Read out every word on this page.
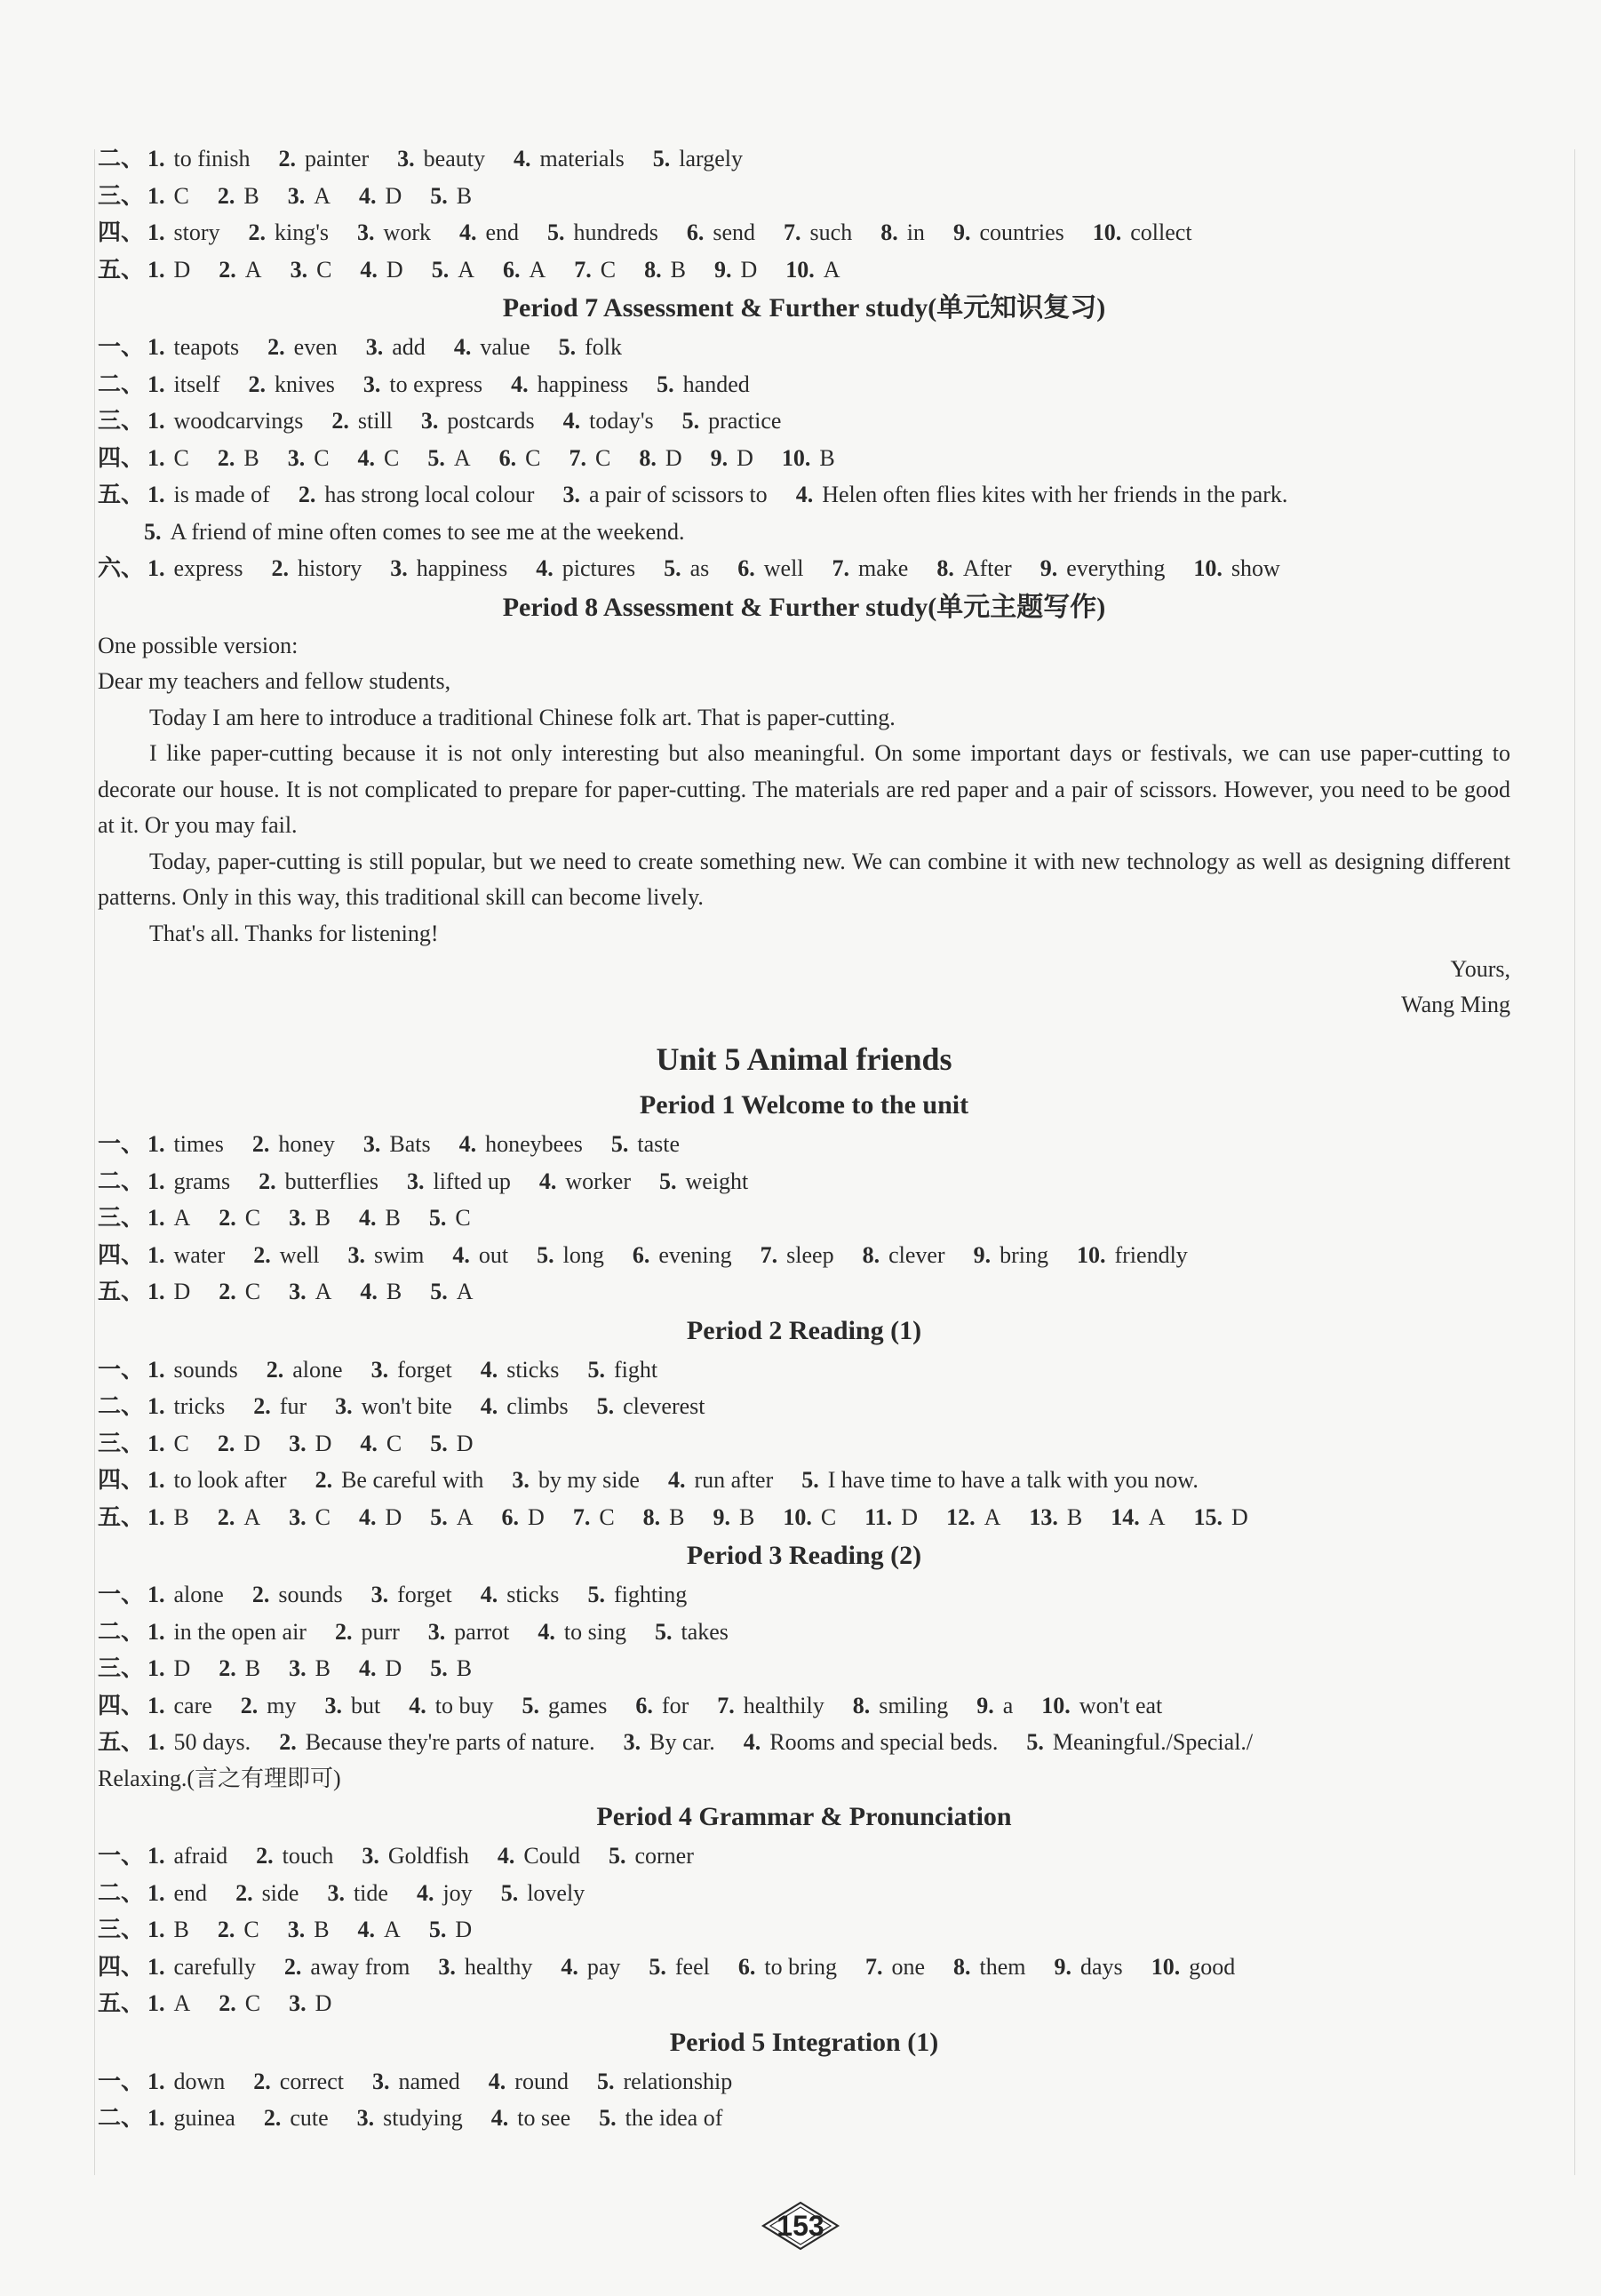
二、 1. to finish 2. painter 3. beauty 4. materials 5. largely
三、 1. C 2. B 3. A 4. D 5. B
四、 1. story 2. king's 3. work 4. end 5. hundreds 6. send 7. such 8. in 9. countries 10. collect
五、 1. D 2. A 3. C 4. D 5. A 6. A 7. C 8. B 9. D 10. A
Period 7 Assessment & Further study(单元知识复习)
一、 1. teapots 2. even 3. add 4. value 5. folk
二、 1. itself 2. knives 3. to express 4. happiness 5. handed
三、 1. woodcarvings 2. still 3. postcards 4. today's 5. practice
四、 1. C 2. B 3. C 4. C 5. A 6. C 7. C 8. D 9. D 10. B
五、 1. is made of 2. has strong local colour 3. a pair of scissors to 4. Helen often flies kites with her friends in the park.
5. A friend of mine often comes to see me at the weekend.
六、 1. express 2. history 3. happiness 4. pictures 5. as 6. well 7. make 8. After 9. everything 10. show
Period 8 Assessment & Further study(单元主题写作)
One possible version:
Dear my teachers and fellow students,
Today I am here to introduce a traditional Chinese folk art. That is paper-cutting.
I like paper-cutting because it is not only interesting but also meaningful. On some important days or festivals, we can use paper-cutting to decorate our house. It is not complicated to prepare for paper-cutting. The materials are red paper and a pair of scissors. However, you need to be good at it. Or you may fail.
Today, paper-cutting is still popular, but we need to create something new. We can combine it with new technology as well as designing different patterns. Only in this way, this traditional skill can become lively.
That's all. Thanks for listening!
Yours,
Wang Ming
Unit 5 Animal friends
Period 1 Welcome to the unit
一、 1. times 2. honey 3. Bats 4. honeybees 5. taste
二、 1. grams 2. butterflies 3. lifted up 4. worker 5. weight
三、 1. A 2. C 3. B 4. B 5. C
四、 1. water 2. well 3. swim 4. out 5. long 6. evening 7. sleep 8. clever 9. bring 10. friendly
五、 1. D 2. C 3. A 4. B 5. A
Period 2 Reading (1)
一、 1. sounds 2. alone 3. forget 4. sticks 5. fight
二、 1. tricks 2. fur 3. won't bite 4. climbs 5. cleverest
三、 1. C 2. D 3. D 4. C 5. D
四、 1. to look after 2. Be careful with 3. by my side 4. run after 5. I have time to have a talk with you now.
五、 1. B 2. A 3. C 4. D 5. A 6. D 7. C 8. B 9. B 10. C 11. D 12. A 13. B 14. A 15. D
Period 3 Reading (2)
一、 1. alone 2. sounds 3. forget 4. sticks 5. fighting
二、 1. in the open air 2. purr 3. parrot 4. to sing 5. takes
三、 1. D 2. B 3. B 4. D 5. B
四、 1. care 2. my 3. but 4. to buy 5. games 6. for 7. healthily 8. smiling 9. a 10. won't eat
五、 1. 50 days. 2. Because they're parts of nature. 3. By car. 4. Rooms and special beds. 5. Meaningful./Special./
Relaxing.(言之有理即可)
Period 4 Grammar & Pronunciation
一、 1. afraid 2. touch 3. Goldfish 4. Could 5. corner
二、 1. end 2. side 3. tide 4. joy 5. lovely
三、 1. B 2. C 3. B 4. A 5. D
四、 1. carefully 2. away from 3. healthy 4. pay 5. feel 6. to bring 7. one 8. them 9. days 10. good
五、 1. A 2. C 3. D
Period 5 Integration (1)
一、 1. down 2. correct 3. named 4. round 5. relationship
二、 1. guinea 2. cute 3. studying 4. to see 5. the idea of
153
